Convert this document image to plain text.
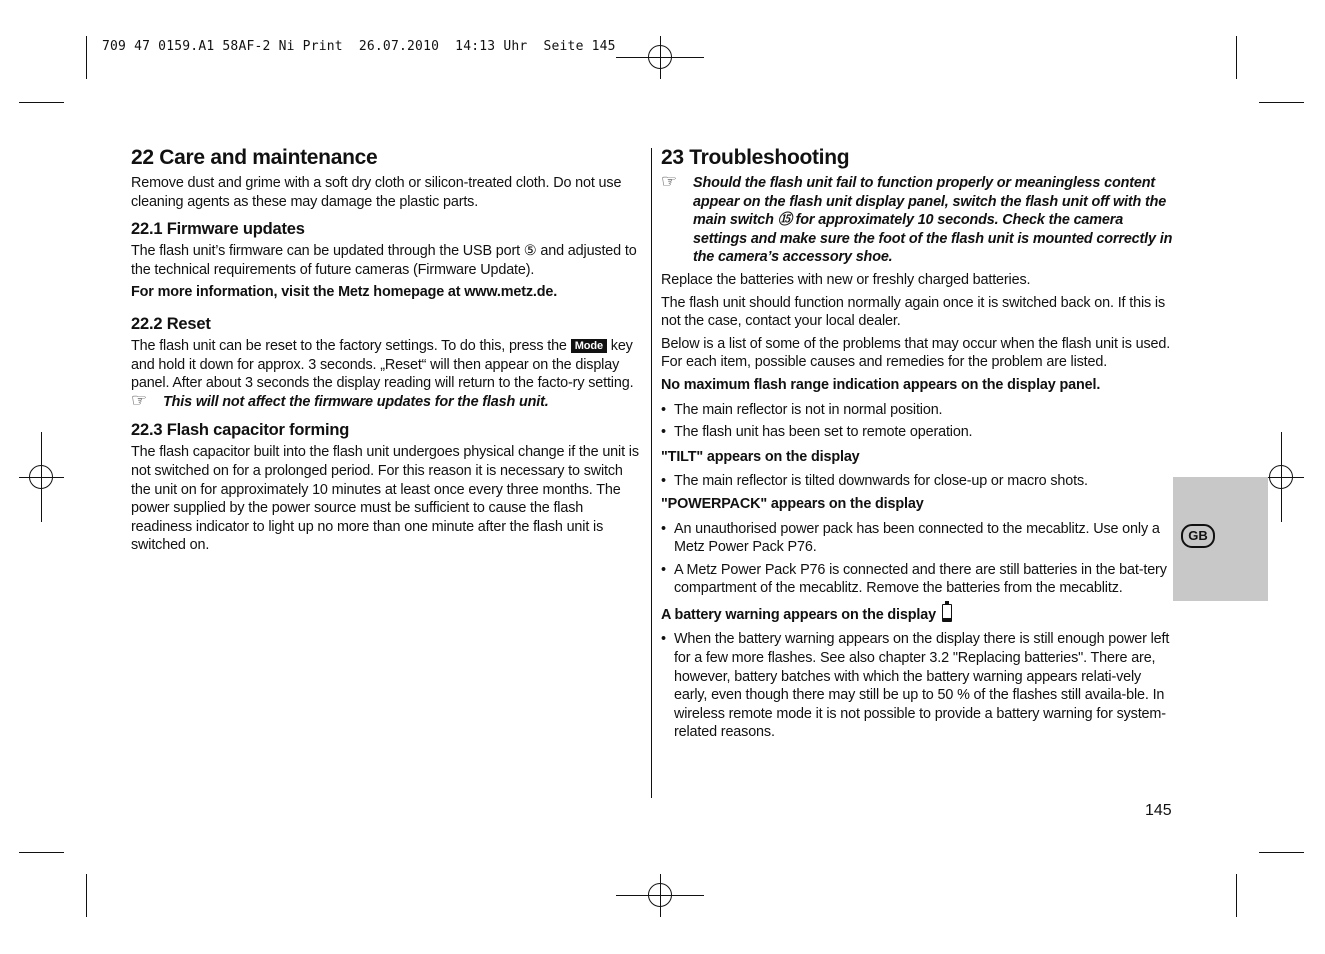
709 47 0159.A1 58AF-2 Ni Print  26.07.2010  14:13 Uhr  Seite 145
22 Care and maintenance

Remove dust and grime with a soft dry cloth or silicon-treated cloth. Do not use cleaning agents as these may damage the plastic parts.

22.1 Firmware updates

The flash unit’s firmware can be updated through the USB port ⑤ and adjusted to the technical requirements of future cameras (Firmware Update).

For more information, visit the Metz homepage at www.metz.de.

22.2 Reset

The flash unit can be reset to the factory settings. To do this, press the Mode key and hold it down for approx. 3 seconds. „Reset“ will then appear on the display panel. After about 3 seconds the display reading will return to the facto-ry setting.

☞ This will not affect the firmware updates for the flash unit.

22.3 Flash capacitor forming

The flash capacitor built into the flash unit undergoes physical change if the unit is not switched on for a prolonged period. For this reason it is necessary to switch the unit on for approximately 10 minutes at least once every three months. The power supplied by the power source must be sufficient to cause the flash readiness indicator to light up no more than one minute after the flash unit is switched on.

23 Troubleshooting

☞ Should the flash unit fail to function properly or meaningless content appear on the flash unit display panel, switch the flash unit off with the main switch ⑮ for approximately 10 seconds. Check the camera settings and make sure the foot of the flash unit is mounted correctly in the camera’s accessory shoe.

Replace the batteries with new or freshly charged batteries.

The flash unit should function normally again once it is switched back on. If this is not the case, contact your local dealer.

Below is a list of some of the problems that may occur when the flash unit is used. For each item, possible causes and remedies for the problem are listed.

No maximum flash range indication appears on the display panel.

• The main reflector is not in normal position.

• The flash unit has been set to remote operation.

"TILT" appears on the display

• The main reflector is tilted downwards for close-up or macro shots.

"POWERPACK" appears on the display

• An unauthorised power pack has been connected to the mecablitz. Use only a Metz Power Pack P76.

• A Metz Power Pack P76 is connected and there are still batteries in the bat-tery compartment of the mecablitz. Remove the batteries from the mecablitz.

A battery warning appears on the display

• When the battery warning appears on the display there is still enough power left for a few more flashes. See also chapter 3.2 "Replacing batteries". There are, however, battery batches with which the battery warning appears relati-vely early, even though there may still be up to 50 % of the flashes still availa-ble. In wireless remote mode it is not possible to provide a battery warning for system-related reasons.

GB
145
